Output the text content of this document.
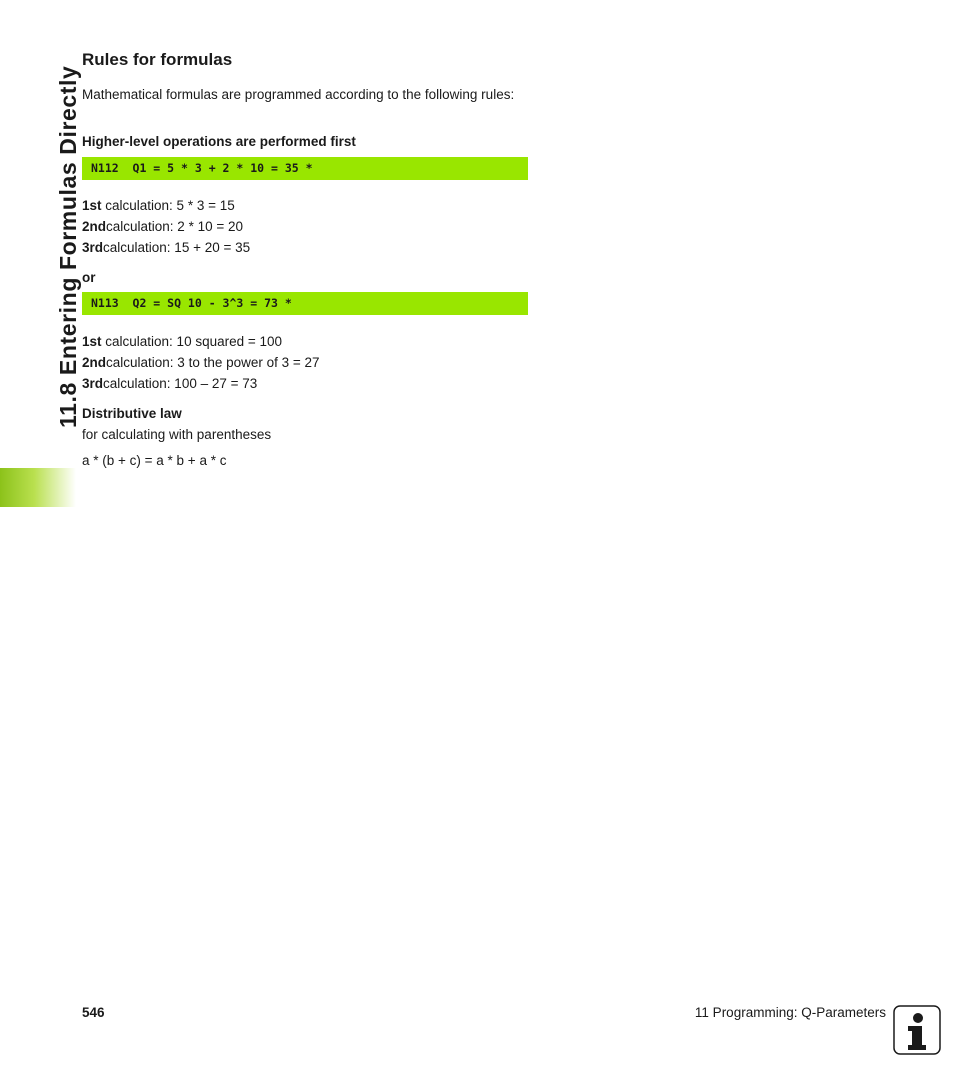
11.8 Entering Formulas Directly
Rules for formulas
Mathematical formulas are programmed according to the following rules:
Higher-level operations are performed first
N112  Q1 = 5 * 3 + 2 * 10 = 35 *
1st calculation: 5 * 3 = 15
2ndcalculation: 2 * 10 = 20
3rdcalculation: 15 + 20 = 35
or
N113  Q2 = SQ 10 - 3^3 = 73 *
1st calculation: 10 squared = 100
2ndcalculation: 3 to the power of 3 = 27
3rdcalculation: 100 – 27 = 73
Distributive law
for calculating with parentheses
a * (b + c) = a * b + a * c
546	11 Programming: Q-Parameters
